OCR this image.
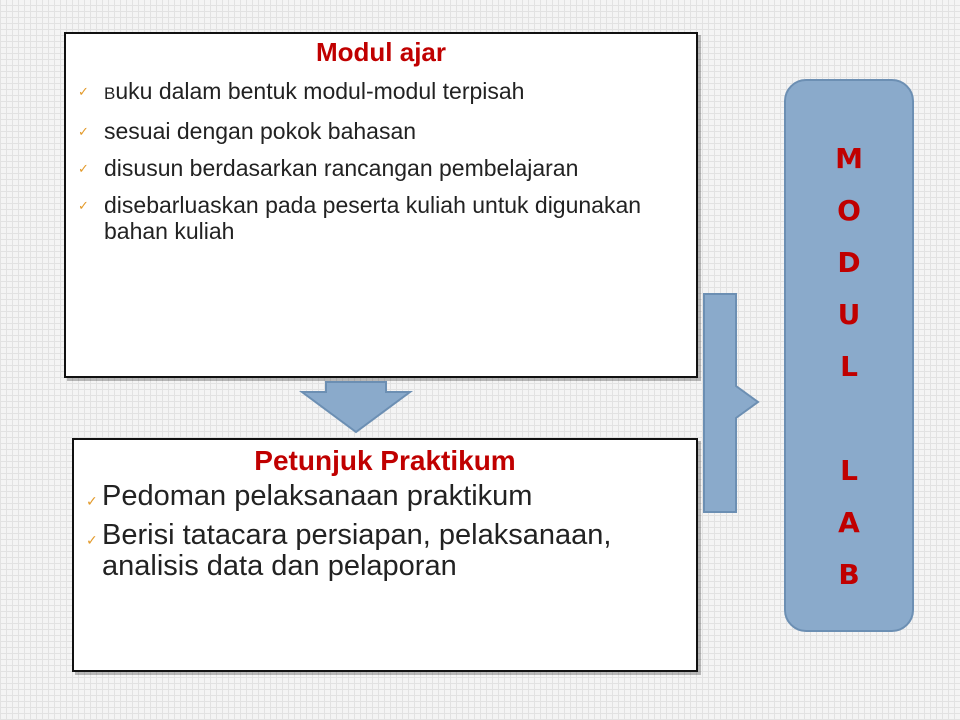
Modul ajar

✓ Buku dalam bentuk modul-modul terpisah
✓ sesuai dengan pokok bahasan
✓ disusun berdasarkan rancangan pembelajaran
✓ disebarluaskan pada peserta kuliah untuk digunakan bahan kuliah

Petunjuk Praktikum

✓ Pedoman pelaksanaan praktikum
✓ Berisi tatacara persiapan, pelaksanaan, analisis data dan pelaporan
M
O
D
U
L
L
A
B
